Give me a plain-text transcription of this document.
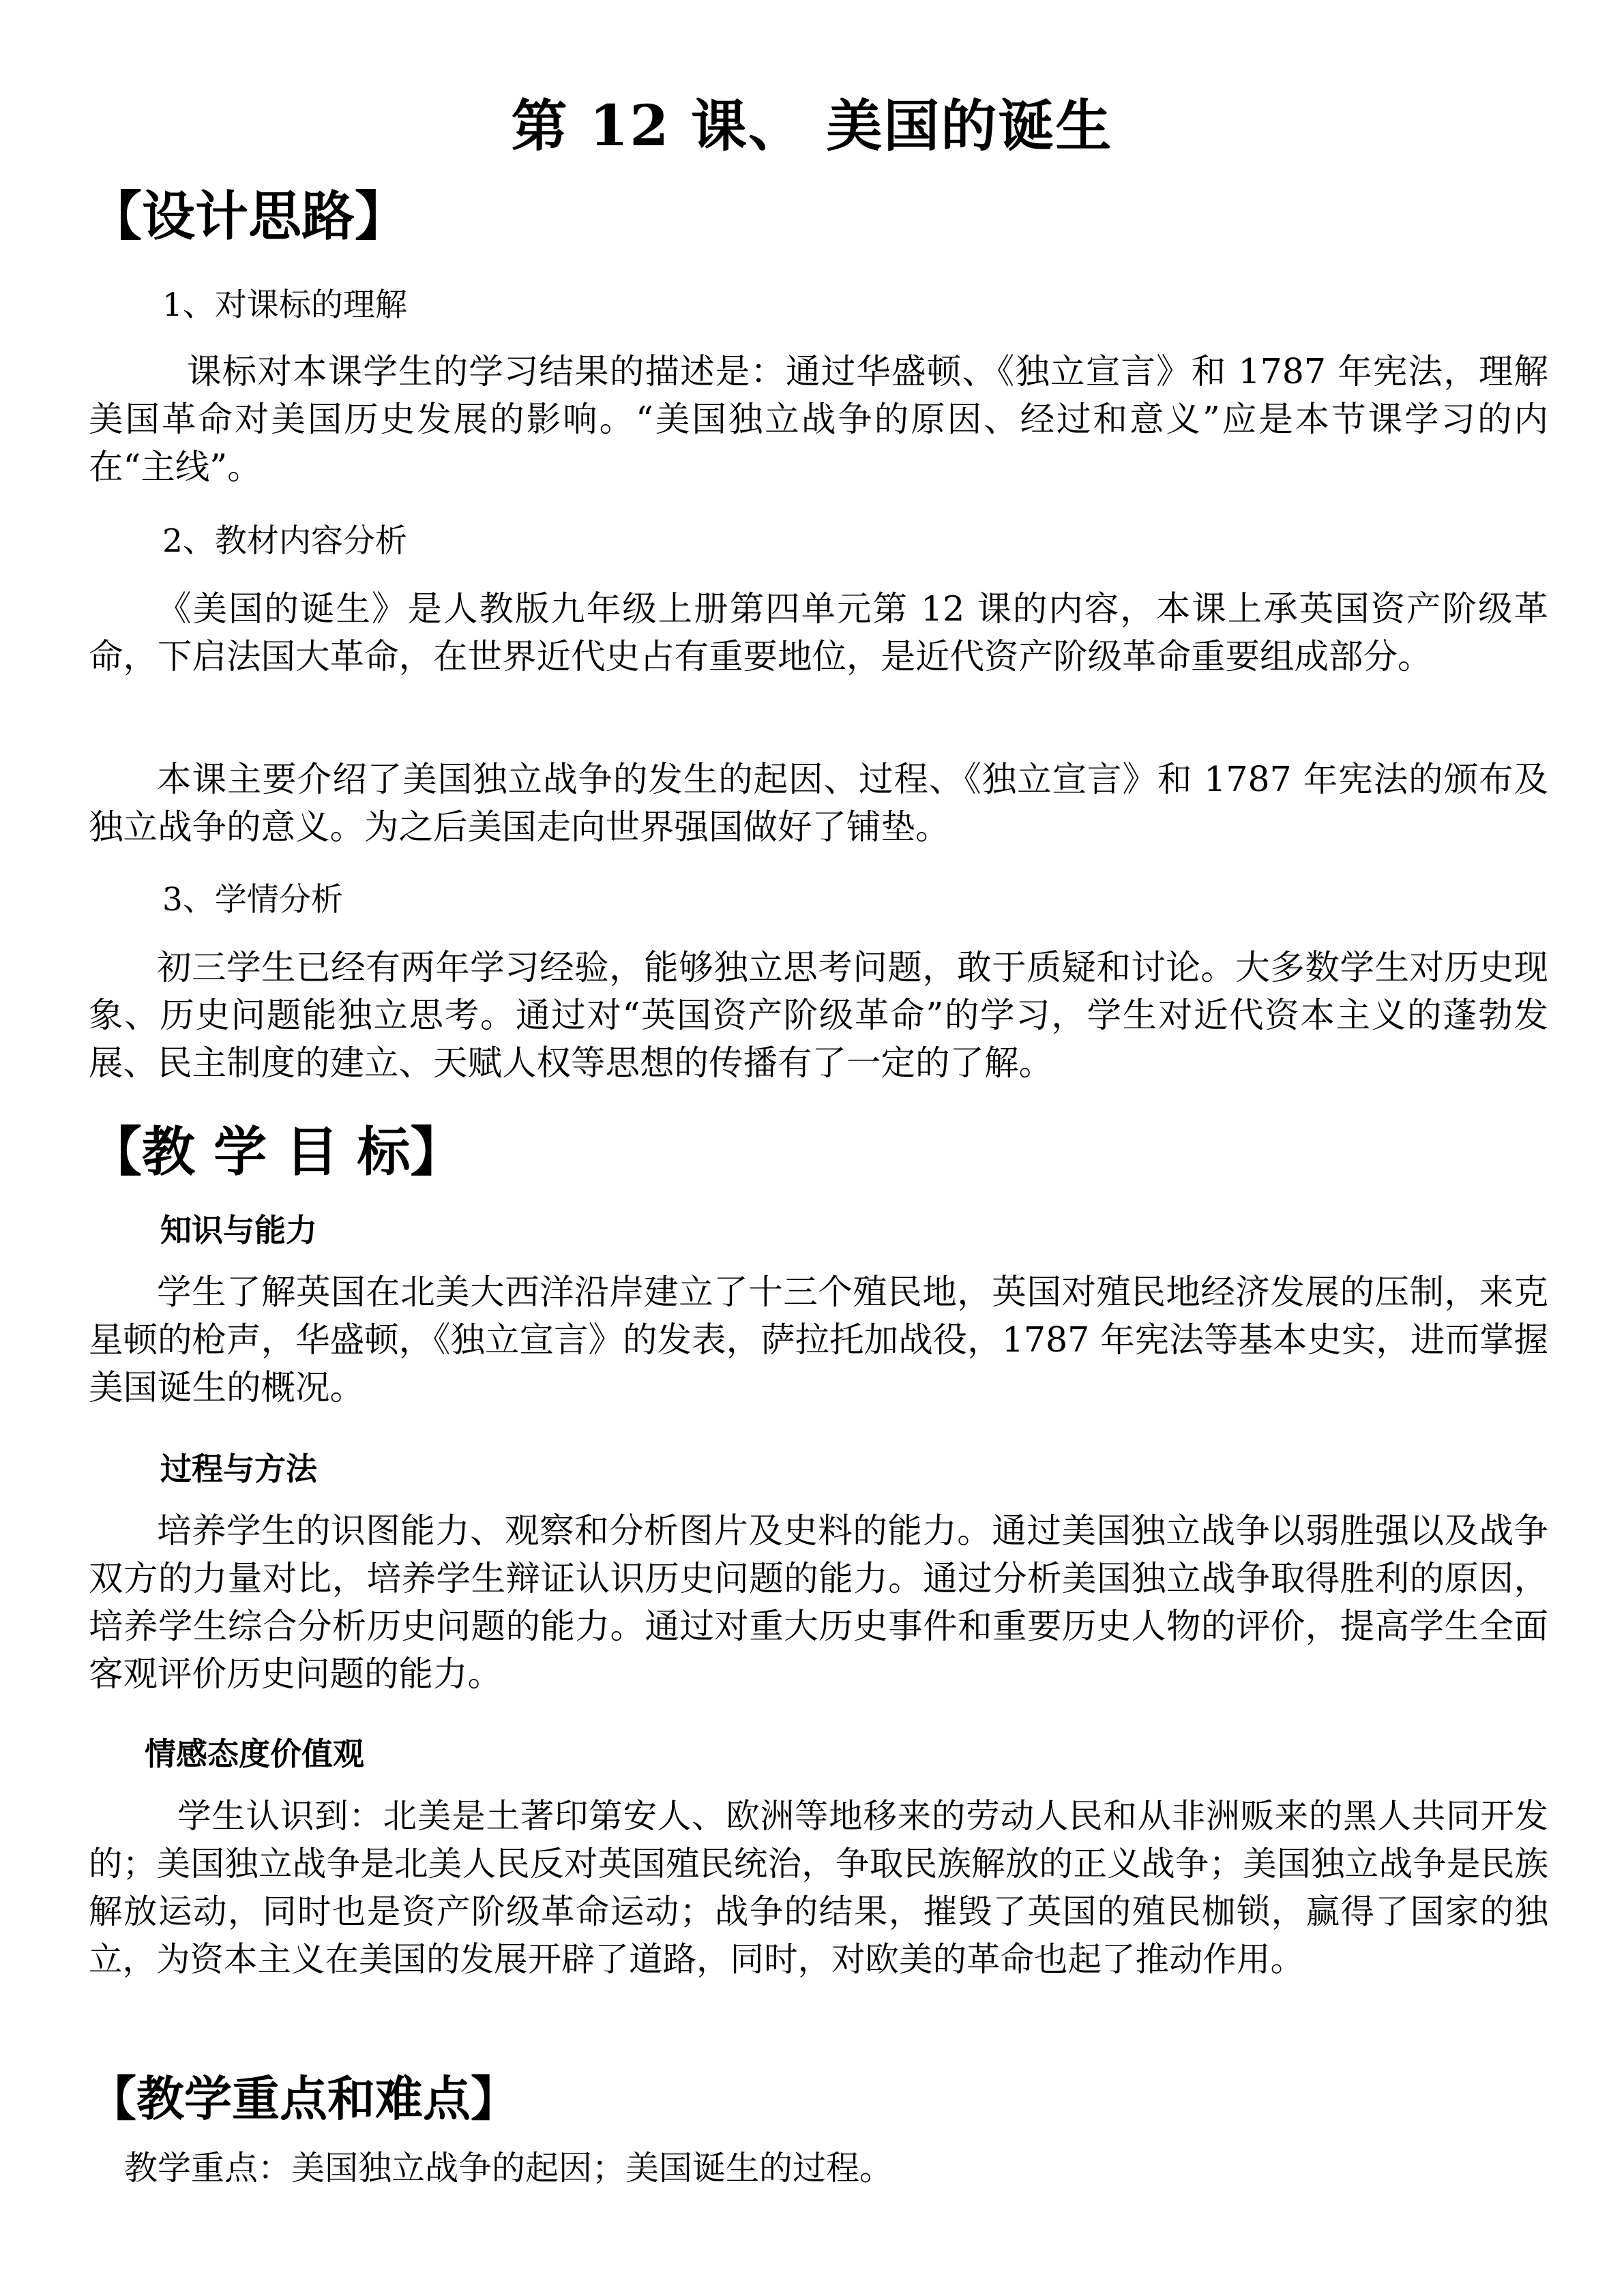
第 12 课、 美国的诞生
【设计思路】
1、对课标的理解
课标对本课学生的学习结果的描述是：通过华盛顿、《独立宣言》和 1787 年宪法，理解美国革命对美国历史发展的影响。“美国独立战争的原因、经过和意义”应是本节课学习的内在“主线”。
2、教材内容分析
《美国的诞生》是人教版九年级上册第四单元第 12 课的内容，本课上承英国资产阶级革命，下启法国大革命，在世界近代史占有重要地位，是近代资产阶级革命重要组成部分。
本课主要介绍了美国独立战争的发生的起因、过程、《独立宣言》和 1787 年宪法的颁布及独立战争的意义。为之后美国走向世界强国做好了铺垫。
3、学情分析
初三学生已经有两年学习经验，能够独立思考问题，敢于质疑和讨论。大多数学生对历史现象、历史问题能独立思考。通过对“英国资产阶级革命”的学习，学生对近代资本主义的蓬勃发展、民主制度的建立、天赋人权等思想的传播有了一定的了解。
【教 学 目 标】
知识与能力
学生了解英国在北美大西洋沿岸建立了十三个殖民地，英国对殖民地经济发展的压制，来克星顿的枪声，华盛顿，《独立宣言》的发表，萨拉托加战役，1787 年宪法等基本史实，进而掌握美国诞生的概况。
过程与方法
培养学生的识图能力、观察和分析图片及史料的能力。通过美国独立战争以弱胜强以及战争双方的力量对比，培养学生辩证认识历史问题的能力。通过分析美国独立战争取得胜利的原因，培养学生综合分析历史问题的能力。通过对重大历史事件和重要历史人物的评价，提高学生全面客观评价历史问题的能力。
情感态度价值观
学生认识到：北美是土著印第安人、欧洲等地移来的劳动人民和从非洲贩来的黑人共同开发的；美国独立战争是北美人民反对英国殖民统治，争取民族解放的正义战争；美国独立战争是民族解放运动，同时也是资产阶级革命运动；战争的结果，摧毁了英国的殖民枷锁，赢得了国家的独立，为资本主义在美国的发展开辟了道路，同时，对欧美的革命也起了推动作用。
【教学重点和难点】
教学重点：美国独立战争的起因；美国诞生的过程。
